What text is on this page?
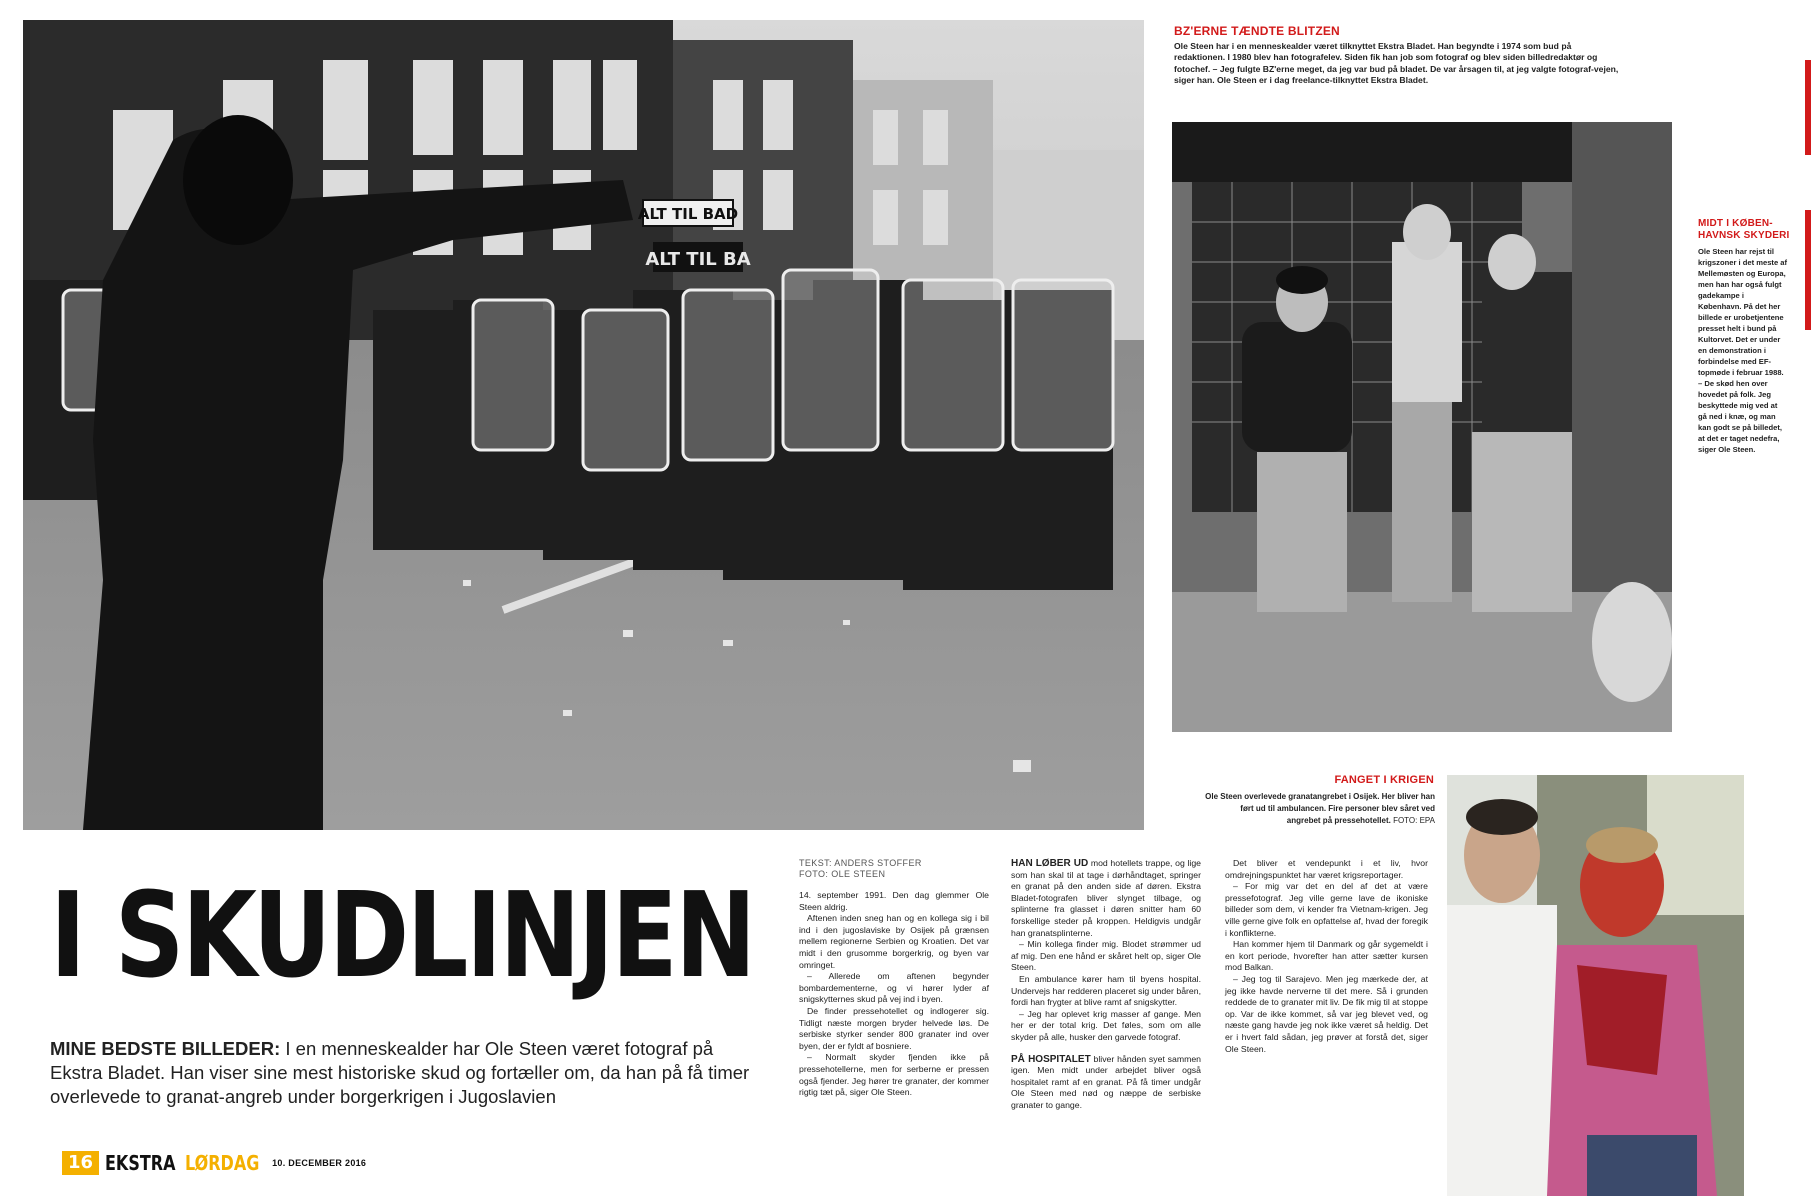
ALT TIL BAD
ALT TIL BA
BZ'ERNE TÆNDTE BLITZEN
Ole Steen har i en menneskealder været tilknyttet Ekstra Bladet. Han begyndte i 1974 som bud på redaktionen. I 1980 blev han fotografelev. Siden fik han job som fotograf og blev siden billedredaktør og fotochef. – Jeg fulgte BZ'erne meget, da jeg var bud på bladet. De var årsagen til, at jeg valgte fotograf-vejen, siger han. Ole Steen er i dag freelance-tilknyttet Ekstra Bladet.
MIDT I KØBEN-
HAVNSK SKYDERI
Ole Steen har rejst til krigszoner i det meste af Mellemøsten og Europa, men han har også fulgt gadekampe i København. På det her billede er urobetjentene presset helt i bund på Kultorvet. Det er under en demonstration i forbindelse med EF-topmøde i februar 1988. – De skød hen over hovedet på folk. Jeg beskyttede mig ved at gå ned i knæ, og man kan godt se på billedet, at det er taget nedefra, siger Ole Steen.
FANGET I KRIGEN
Ole Steen overlevede granatangrebet i Osijek. Her bliver han ført ud til ambulancen. Fire personer blev såret ved angrebet på pressehotellet. FOTO: EPA
I SKUDLINJEN
MINE BEDSTE BILLEDER: I en menneskealder har Ole Steen været fotograf på Ekstra Bladet. Han viser sine mest historiske skud og fortæller om, da han på få timer overlevede to granat-angreb under borgerkrigen i Jugoslavien
TEKST: ANDERS STOFFER
FOTO: OLE STEEN

14. september 1991. Den dag glemmer Ole Steen aldrig.

Aftenen inden sneg han og en kollega sig i bil ind i den jugoslaviske by Osijek på grænsen mellem regionerne Serbien og Kroatien. Det var midt i den grusomme borgerkrig, og byen var omringet.

– Allerede om aftenen begynder bombardementerne, og vi hører lyder af snigskytternes skud på vej ind i byen.

De finder pressehotellet og indlogerer sig. Tidligt næste morgen bryder helvede løs. De serbiske styrker sender 800 granater ind over byen, der er fyldt af bosniere.

– Normalt skyder fjenden ikke på pressehotellerne, men for serberne er pressen også fjender. Jeg hører tre granater, der kommer rigtig tæt på, siger Ole Steen.

HAN LØBER UD mod hotellets trappe, og lige som han skal til at tage i dørhåndtaget, springer en granat på den anden side af døren. Ekstra Bladet-fotografen bliver slynget tilbage, og splinterne fra glasset i døren snitter ham 60 forskellige steder på kroppen. Heldigvis undgår han granatsplinterne.

– Min kollega finder mig. Blodet strømmer ud af mig. Den ene hånd er skåret helt op, siger Ole Steen.

En ambulance kører ham til byens hospital. Undervejs har redderen placeret sig under båren, fordi han frygter at blive ramt af snigskytter.

– Jeg har oplevet krig masser af gange. Men her er der total krig. Det føles, som om alle skyder på alle, husker den garvede fotograf.

PÅ HOSPITALET bliver hånden syet sammen igen. Men midt under arbejdet bliver også hospitalet ramt af en granat. På få timer undgår Ole Steen med nød og næppe de serbiske granater to gange.

Det bliver et vendepunkt i et liv, hvor omdrejningspunktet har været krigsreportager.

– For mig var det en del af det at være pressefotograf. Jeg ville gerne lave de ikoniske billeder som dem, vi kender fra Vietnam-krigen. Jeg ville gerne give folk en opfattelse af, hvad der foregik i konflikterne.

Han kommer hjem til Danmark og går sygemeldt i en kort periode, hvorefter han atter sætter kursen mod Balkan.

– Jeg tog til Sarajevo. Men jeg mærkede der, at jeg ikke havde nerverne til det mere. Så i grunden reddede de to granater mit liv. De fik mig til at stoppe op. Var de ikke kommet, så var jeg blevet ved, og næste gang havde jeg nok ikke været så heldig. Det er i hvert fald sådan, jeg prøver at forstå det, siger Ole Steen.

16 EKSTRA LØRDAG 10. DECEMBER 2016
